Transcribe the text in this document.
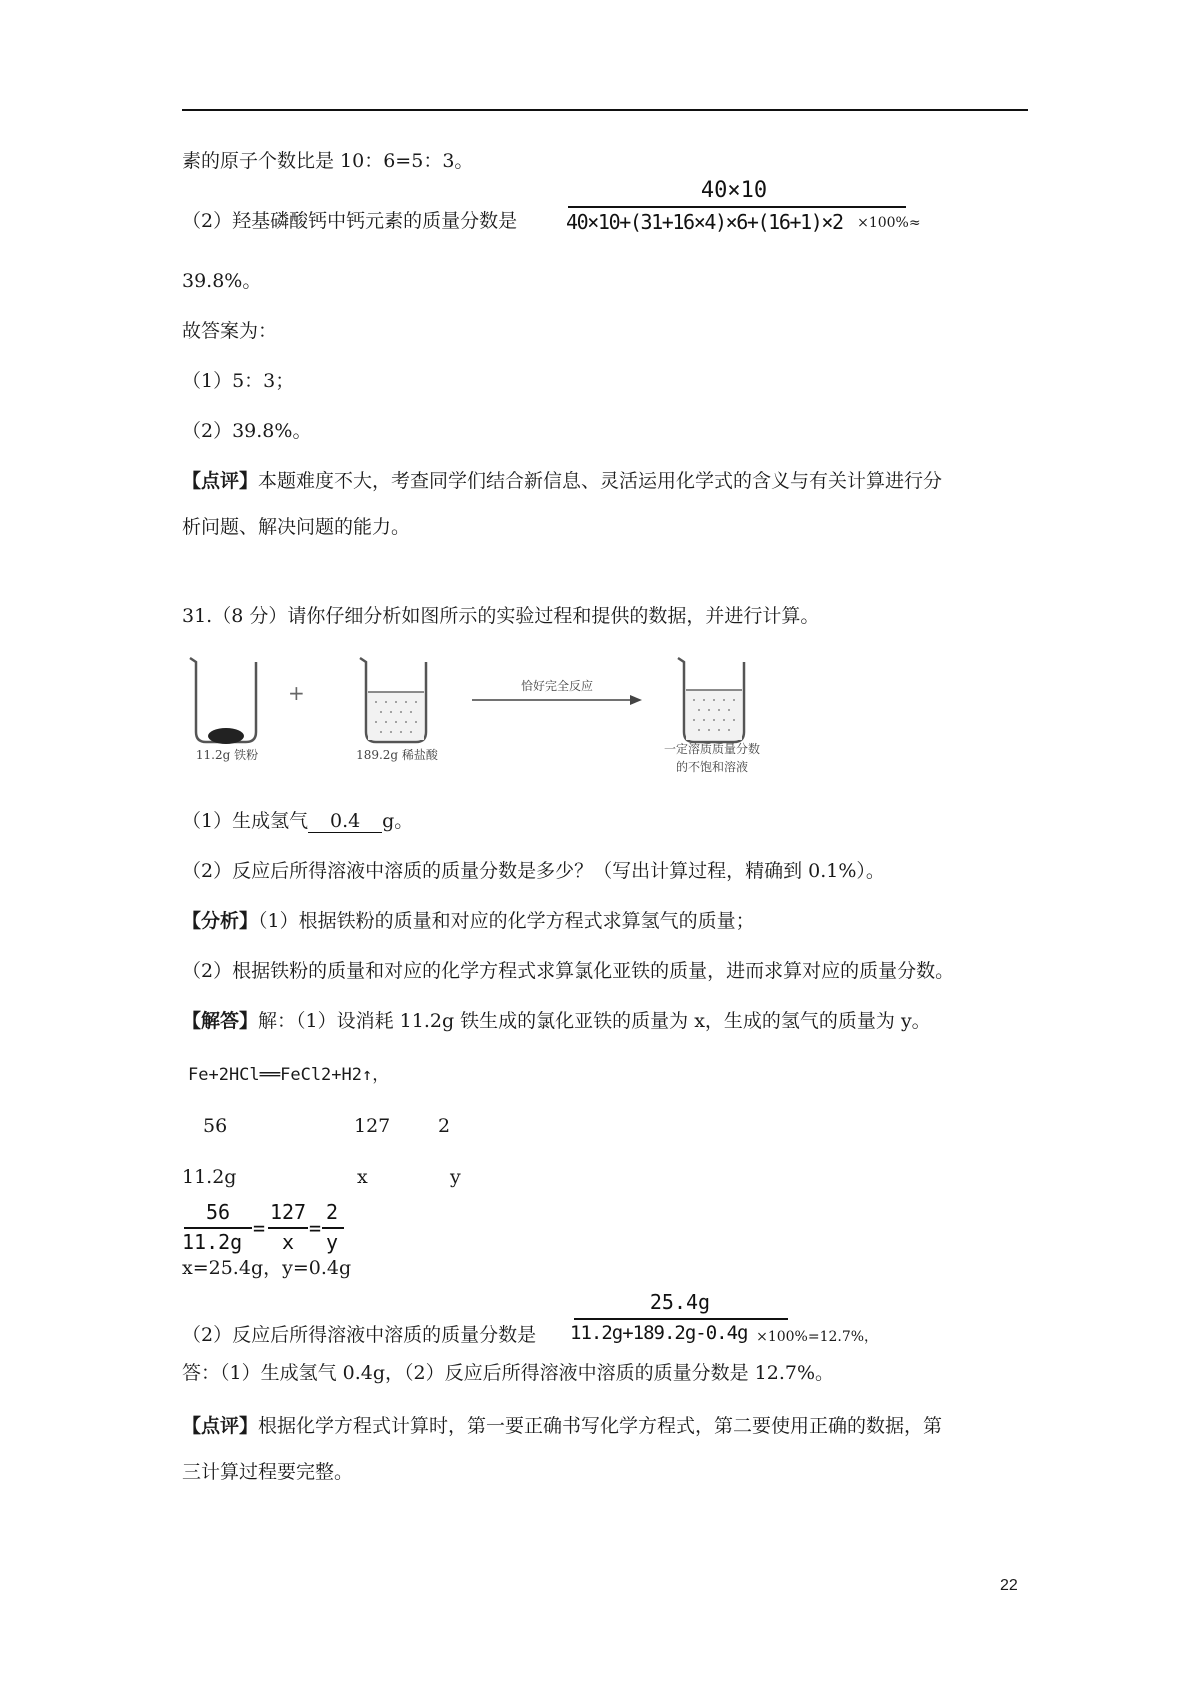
素的原子个数比是 10：6=5：3。
（2）羟基磷酸钙中钙元素的质量分数是	×100%≈
40×10
40×10+(31+16×4)×6+(16+1)×2
39.8%。
故答案为：
（1）5：3；
（2）39.8%。
【点评】本题难度不大，考查同学们结合新信息、灵活运用化学式的含义与有关计算进行分
析问题、解决问题的能力。
31.（8 分）请你仔细分析如图所示的实验过程和提供的数据，并进行计算。
+	恰好完全反应
11.2g 铁粉	189.2g 稀盐酸	一定溶质质量分数
的不饱和溶液
（1）生成氢气 0.4 g。
（2）反应后所得溶液中溶质的质量分数是多少？（写出计算过程，精确到 0.1%）。
【分析】（1）根据铁粉的质量和对应的化学方程式求算氢气的质量；
（2）根据铁粉的质量和对应的化学方程式求算氯化亚铁的质量，进而求算对应的质量分数。
【解答】解：（1）设消耗 11.2g 铁生成的氯化亚铁的质量为 x，生成的氢气的质量为 y。
Fe+2HCl══FeCl2+H2↑，
56	127	2
11.2g	x	y
56
11.2g
=
127
x
=
2
y
x=25.4g，y=0.4g
（2）反应后所得溶液中溶质的质量分数是	×100%=12.7%，
25.4g
11.2g+189.2g-0.4g
答：（1）生成氢气 0.4g，（2）反应后所得溶液中溶质的质量分数是 12.7%。
【点评】根据化学方程式计算时，第一要正确书写化学方程式，第二要使用正确的数据，第
三计算过程要完整。
22
